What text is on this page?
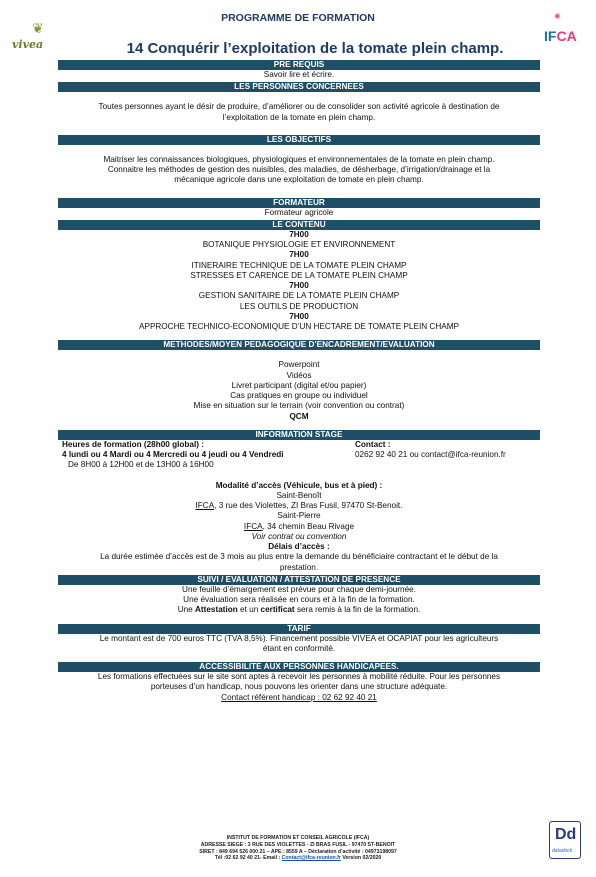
PROGRAMME DE FORMATION
❦
vivea
✺
IFCA
14 Conquérir l’exploitation de la tomate plein champ.
PRE REQUIS
Savoir lire et écrire.
LES PERSONNES CONCERNEES
Toutes personnes ayant le désir de produire, d’améliorer ou de consolider son activité agricole à destination de
l’exploitation de la tomate en plein champ.
LES OBJECTIFS
Maitriser les connaissances biologiques, physiologiques et environnementales de la tomate en plein champ.
Connaitre les méthodes de gestion des nuisibles, des maladies, de désherbage, d’irrigation/drainage et la
mécanique agricole dans une exploitation de tomate en plein champ.
FORMATEUR
Formateur agricole
LE CONTENU
7H00
BOTANIQUE PHYSIOLOGIE ET ENVIRONNEMENT
7H00
ITINERAIRE TECHNIQUE DE LA TOMATE PLEIN CHAMP
STRESSES ET CARENCE DE LA TOMATE PLEIN CHAMP
7H00
GESTION SANITAIRE DE LA TOMATE PLEIN CHAMP
LES OUTILS DE PRODUCTION
7H00
APPROCHE TECHNICO-ECONOMIQUE D’UN HECTARE DE TOMATE PLEIN CHAMP
METHODES/MOYEN PEDAGOGIQUE D’ENCADREMENT/EVALUATION
Powerpoint
Vidéos
Livret participant (digital et/ou papier)
Cas pratiques en groupe ou individuel
Mise en situation sur le terrain (voir convention ou contrat)
QCM
INFORMATION STAGE
Heures de formation (28h00 global) :
4 lundi ou 4 Mardi ou 4 Mercredi ou 4 jeudi ou 4 Vendredi
De 8H00 à 12H00 et de 13H00 à 16H00
Contact :
0262 92 40 21 ou contact@ifca-reunion.fr
Modalité d’accès (Véhicule, bus et à pied) :
Saint-Benoît
IFCA, 3 rue des Violettes, ZI Bras Fusil, 97470 St-Benoit.
Saint-Pierre
IFCA, 34 chemin Beau Rivage
Voir contrat ou convention
Délais d’accès :
La durée estimée d’accès est de 3 mois au plus entre la demande du bénéficiaire contractant et le début de la
prestation.
SUIVI / EVALUATION / ATTESTATION DE PRESENCE
Une feuille d’émargement est prévue pour chaque demi-journée.
Une évaluation sera réalisée en cours et à la fin de la formation.
Une Attestation et un certificat sera remis à la fin de la formation.
TARIF
Le montant est de 700 euros TTC (TVA 8,5%). Financement possible VIVEA et OCAPIAT pour les agriculteurs
étant en conformité.
ACCESSIBILITE AUX PERSONNES HANDICAPEES.
Les formations effectuées sur le site sont aptes à recevoir les personnes à mobilité réduite. Pour les personnes
porteuses d’un handicap, nous pouvons les orienter dans une structure adéquate.
Contact référent handicap : 02 62 92 40 21
INSTITUT DE FORMATION ET CONSEIL AGRICOLE (IFCA)
ADRESSE SIEGE : 3 RUE DES VIOLETTES - ZI BRAS FUSIL - 97470 ST-BENOIT
SIRET : 849 694 526 000 21 – APE : 8559 A – Déclaration d’activité : 04973198097
Tél :02 62 92 40 21- Email : Contact@ifca-reunion.fr Version 02/2020
Dd
datadock
